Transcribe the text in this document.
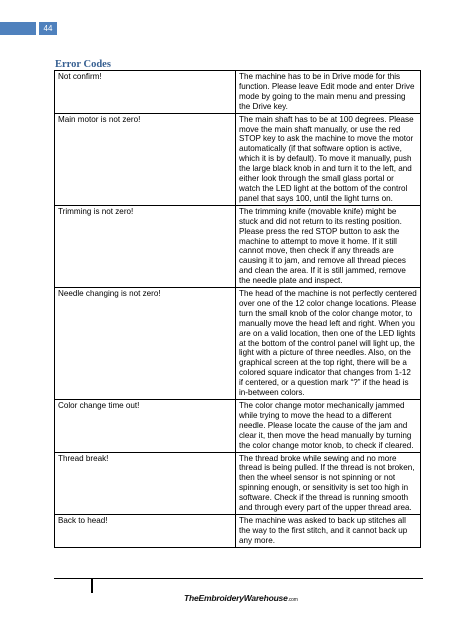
44
Error Codes
Not confirm!	The machine has to be in Drive mode for this function. Please leave Edit mode and enter Drive mode by going to the main menu and pressing the Drive key.
Main motor is not zero!	The main shaft has to be at 100 degrees. Please move the main shaft manually, or use the red STOP key to ask the machine to move the motor automatically (if that software option is active, which it is by default). To move it manually, push the large black knob in and turn it to the left, and either look through the small glass portal or watch the LED light at the bottom of the control panel that says 100, until the light turns on.
Trimming is not zero!	The trimming knife (movable knife) might be stuck and did not return to its resting position. Please press the red STOP button to ask the machine to attempt to move it home. If it still cannot move, then check if any threads are causing it to jam, and remove all thread pieces and clean the area. If it is still jammed, remove the needle plate and inspect.
Needle changing is not zero!	The head of the machine is not perfectly centered over one of the 12 color change locations. Please turn the small knob of the color change motor, to manually move the head left and right. When you are on a valid location, then one of the LED lights at the bottom of the control panel will light up, the light with a picture of three needles. Also, on the graphical screen at the top right, there will be a colored square indicator that changes from 1-12 if centered, or a question mark “?” if the head is in-between colors.
Color change time out!	The color change motor mechanically jammed while trying to move the head to a different needle. Please locate the cause of the jam and clear it, then move the head manually by turning the color change motor knob, to check if cleared.
Thread break!	The thread broke while sewing and no more thread is being pulled. If the thread is not broken, then the wheel sensor is not spinning or not spinning enough, or sensitivity is set too high in software. Check if the thread is running smooth and through every part of the upper thread area.
Back to head!	The machine was asked to back up stitches all the way to the first stitch, and it cannot back up any more.
TheEmbroideryWarehouse.com
